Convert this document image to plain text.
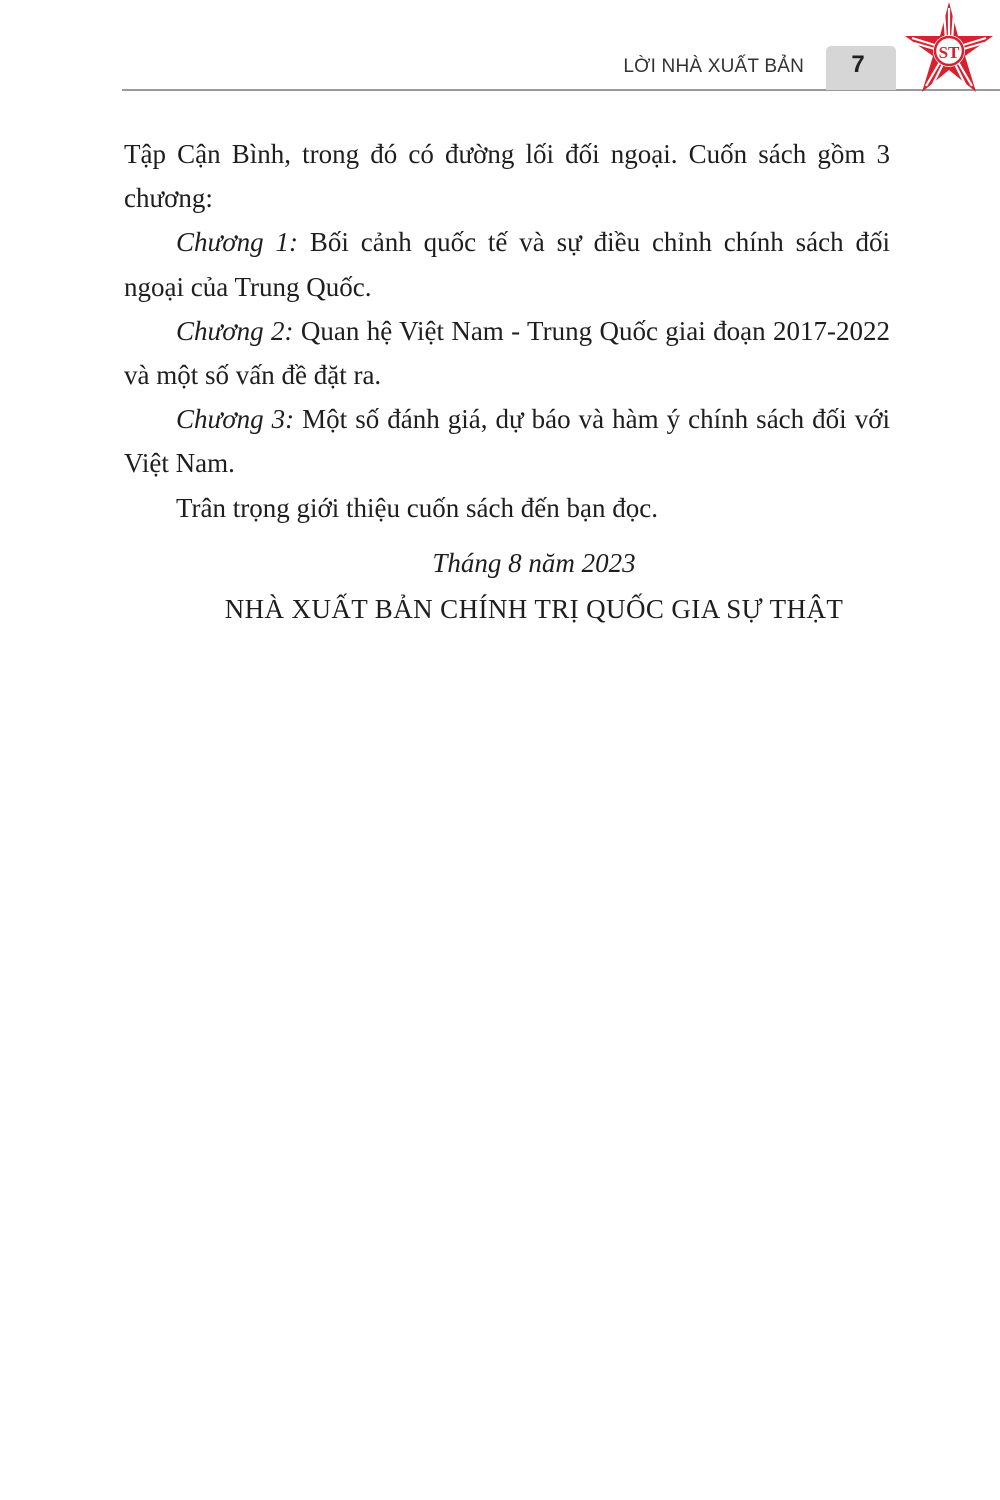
LỜI NHÀ XUẤT BẢN	7	ST

Tập Cận Bình, trong đó có đường lối đối ngoại. Cuốn sách gồm 3 chương:

Chương 1: Bối cảnh quốc tế và sự điều chỉnh chính sách đối ngoại của Trung Quốc.

Chương 2: Quan hệ Việt Nam - Trung Quốc giai đoạn 2017-2022 và một số vấn đề đặt ra.

Chương 3: Một số đánh giá, dự báo và hàm ý chính sách đối với Việt Nam.

Trân trọng giới thiệu cuốn sách đến bạn đọc.

Tháng 8 năm 2023
NHÀ XUẤT BẢN CHÍNH TRỊ QUỐC GIA SỰ THẬT
